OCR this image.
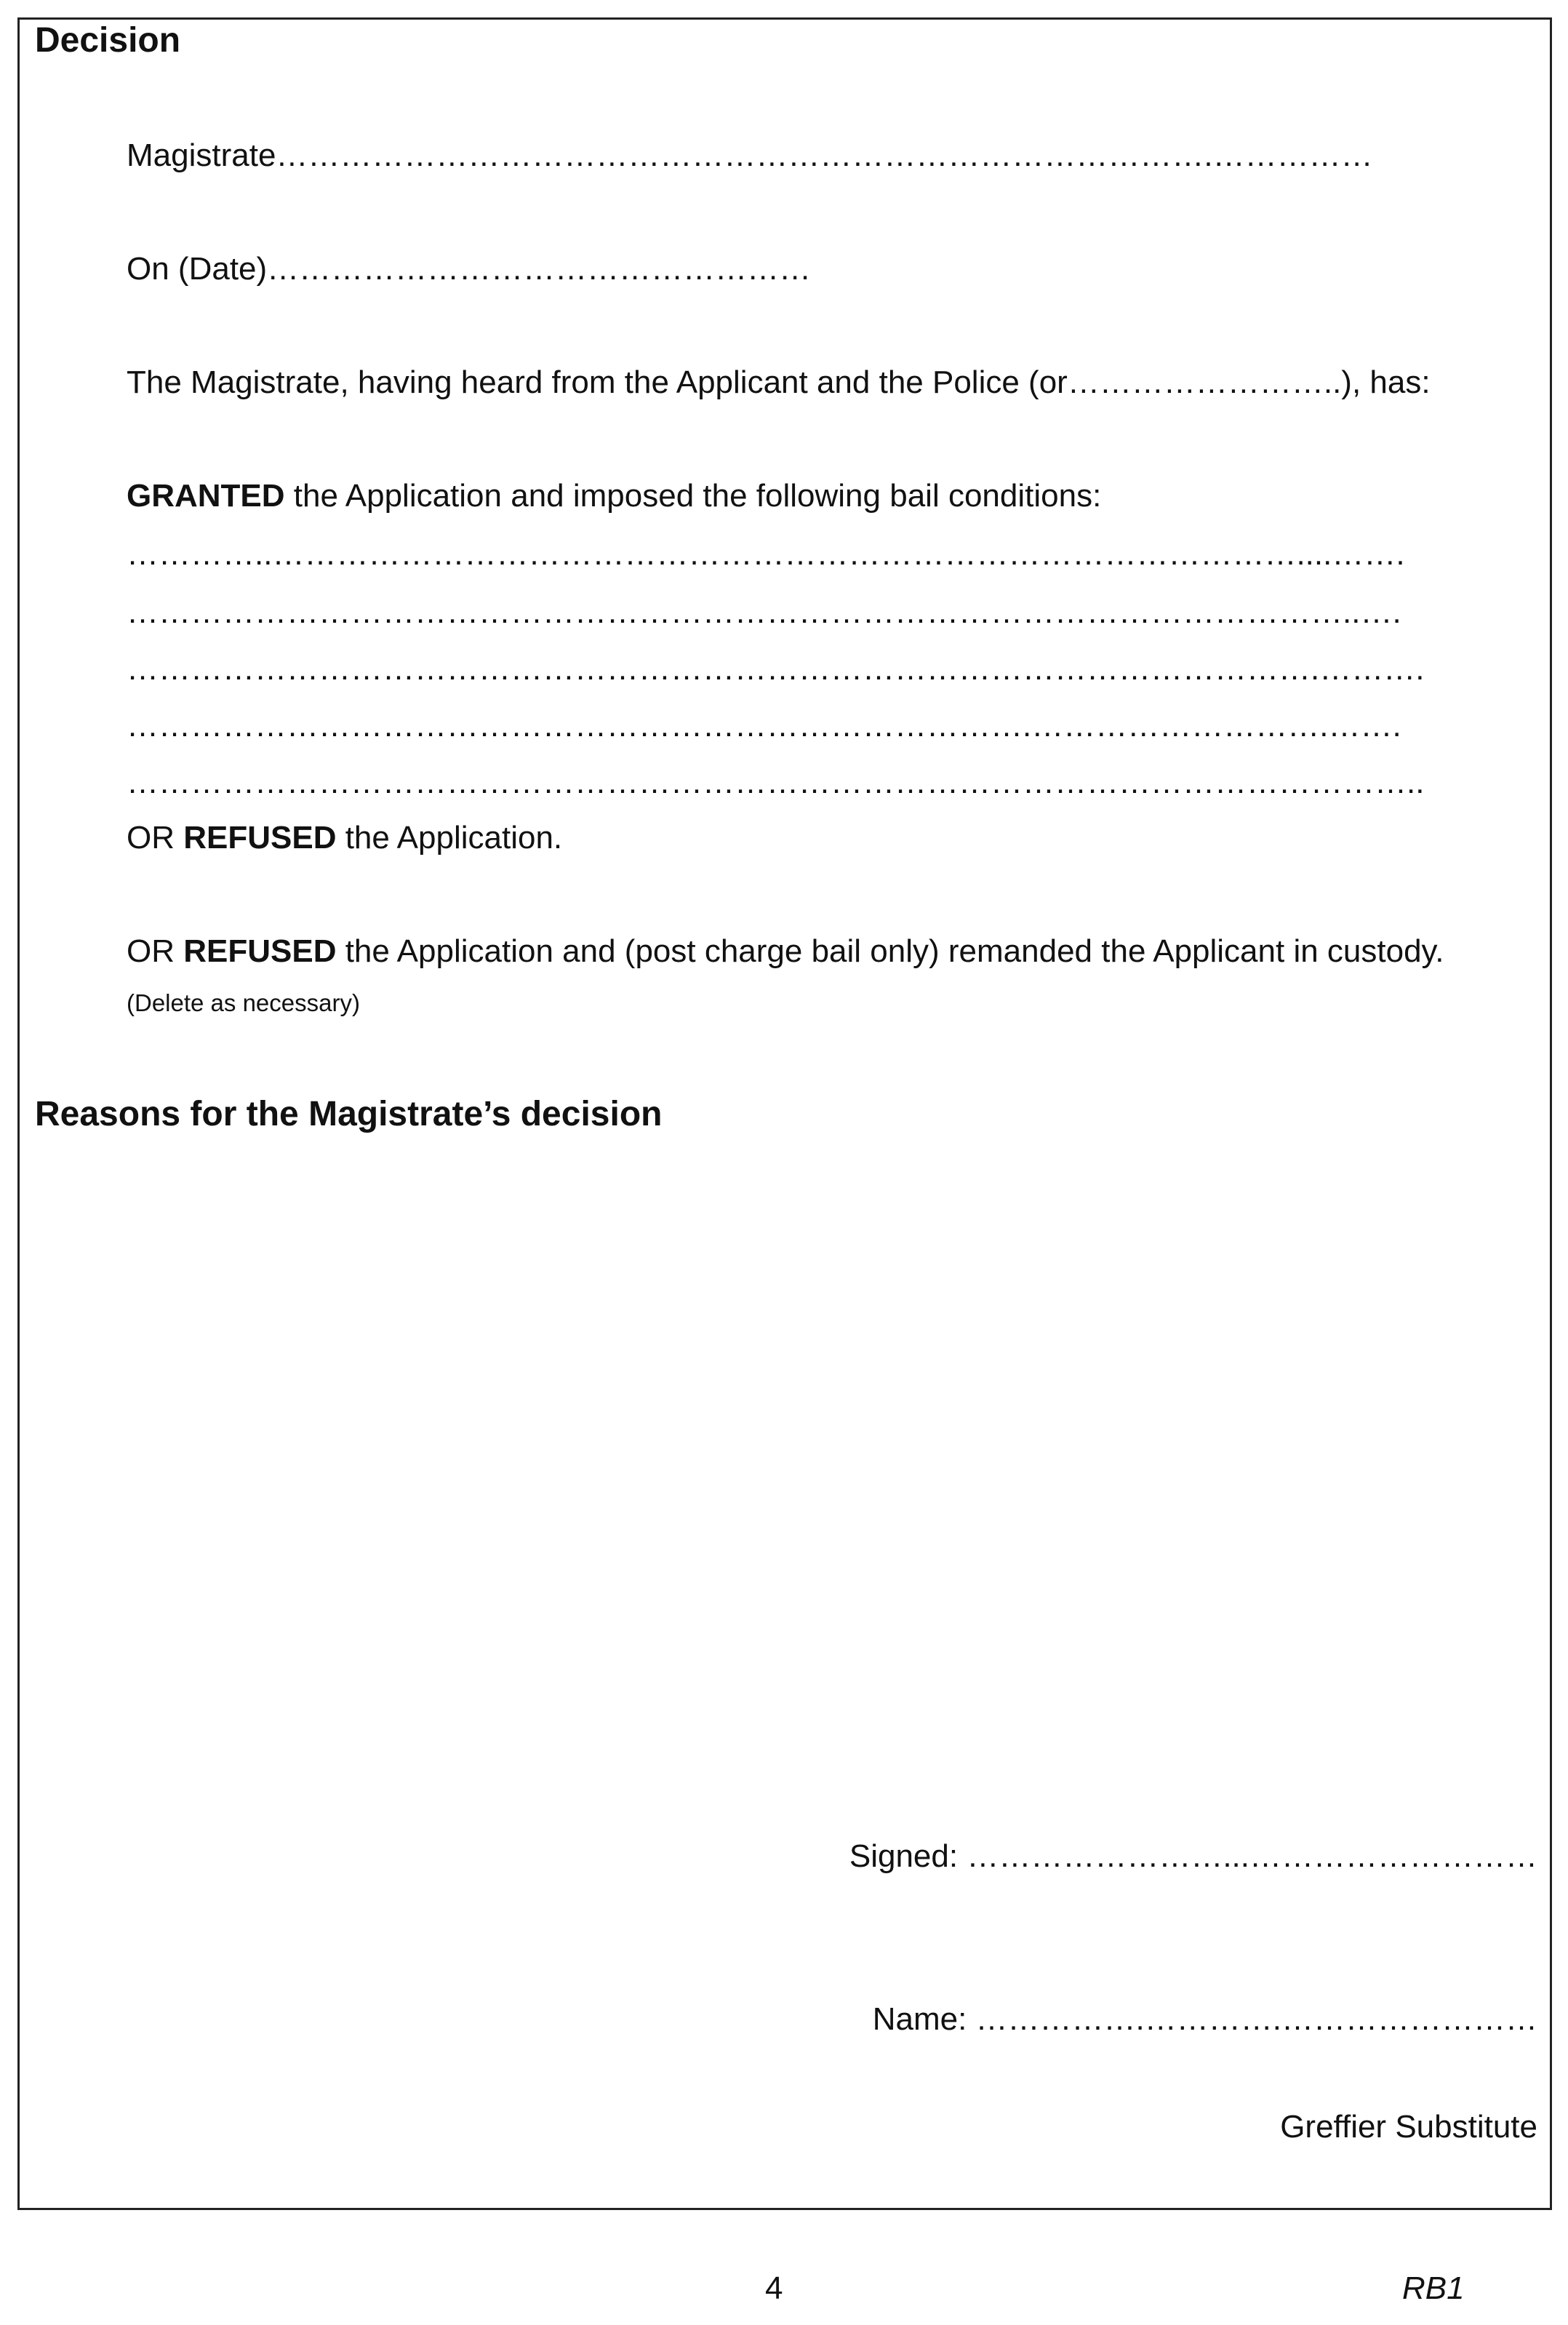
Decision
Magistrate…………………………………………………………………………….……………
On (Date)……………………………………………
The Magistrate, having heard from the Applicant and the Police (or……………………..), has:
GRANTED the Application and imposed the following bail conditions:
…………..……………………………………………………………………………………....…….
……………………………………………………………………………………………………..….
………………………………………………………………………………………………….……….
………………………………………………………………………….……………………….…….
…………………………………………………………………………………………………………..
OR REFUSED the Application.
OR REFUSED the Application and (post charge bail only) remanded the Applicant in custody.
(Delete as necessary)
Reasons for the Magistrate’s decision
Signed: ……………………...………………………
Name: …………….………….……………………
Greffier Substitute
4	RB1
